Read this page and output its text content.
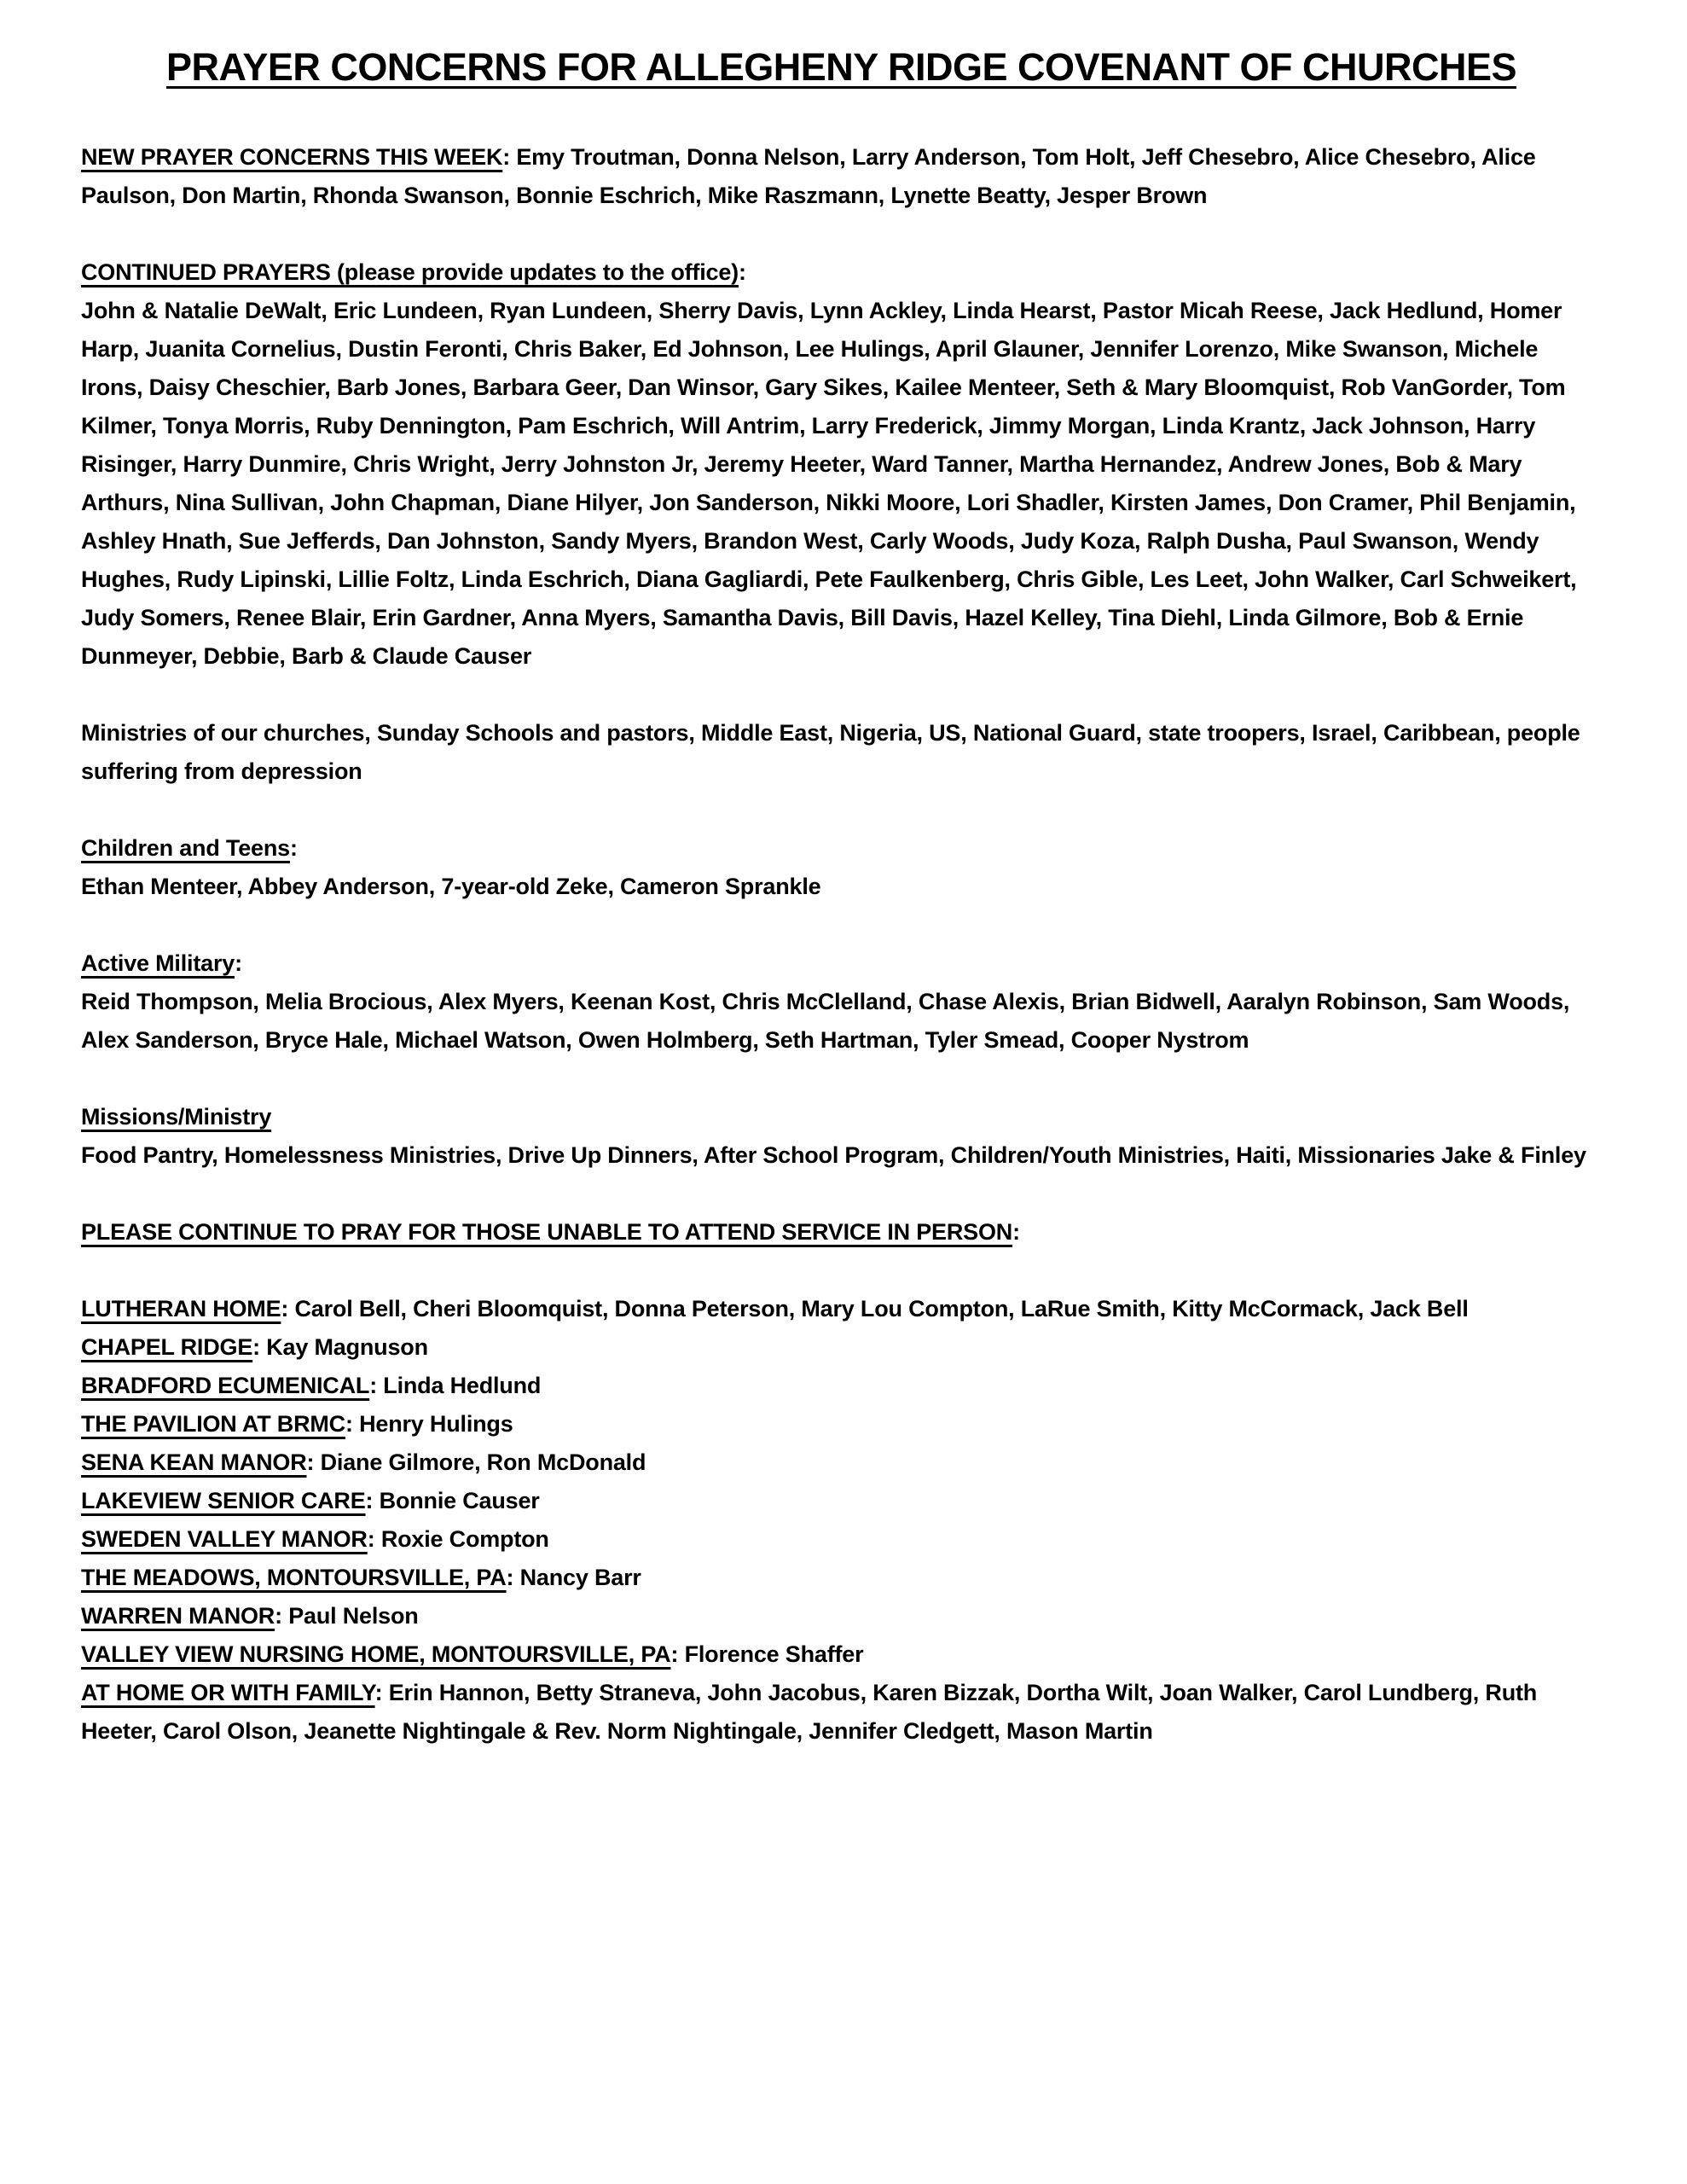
PRAYER CONCERNS FOR ALLEGHENY RIDGE COVENANT OF CHURCHES

NEW PRAYER CONCERNS THIS WEEK: Emy Troutman, Donna Nelson, Larry Anderson, Tom Holt, Jeff Chesebro, Alice Chesebro, Alice Paulson, Don Martin, Rhonda Swanson, Bonnie Eschrich, Mike Raszmann, Lynette Beatty, Jesper Brown

CONTINUED PRAYERS (please provide updates to the office):
John & Natalie DeWalt, Eric Lundeen, Ryan Lundeen, Sherry Davis, Lynn Ackley, Linda Hearst, Pastor Micah Reese, Jack Hedlund, Homer Harp, Juanita Cornelius, Dustin Feronti, Chris Baker, Ed Johnson, Lee Hulings, April Glauner, Jennifer Lorenzo, Mike Swanson, Michele Irons, Daisy Cheschier, Barb Jones, Barbara Geer, Dan Winsor, Gary Sikes, Kailee Menteer, Seth & Mary Bloomquist, Rob VanGorder, Tom Kilmer, Tonya Morris, Ruby Dennington, Pam Eschrich, Will Antrim, Larry Frederick, Jimmy Morgan, Linda Krantz, Jack Johnson, Harry Risinger, Harry Dunmire, Chris Wright, Jerry Johnston Jr, Jeremy Heeter, Ward Tanner, Martha Hernandez, Andrew Jones, Bob & Mary Arthurs, Nina Sullivan, John Chapman, Diane Hilyer, Jon Sanderson, Nikki Moore, Lori Shadler, Kirsten James, Don Cramer, Phil Benjamin, Ashley Hnath, Sue Jefferds, Dan Johnston, Sandy Myers, Brandon West, Carly Woods, Judy Koza, Ralph Dusha, Paul Swanson, Wendy Hughes, Rudy Lipinski, Lillie Foltz, Linda Eschrich, Diana Gagliardi, Pete Faulkenberg, Chris Gible, Les Leet, John Walker, Carl Schweikert, Judy Somers, Renee Blair, Erin Gardner, Anna Myers, Samantha Davis, Bill Davis, Hazel Kelley, Tina Diehl, Linda Gilmore, Bob & Ernie Dunmeyer, Debbie, Barb & Claude Causer

Ministries of our churches, Sunday Schools and pastors, Middle East, Nigeria, US, National Guard, state troopers, Israel, Caribbean, people suffering from depression

Children and Teens:
Ethan Menteer, Abbey Anderson, 7-year-old Zeke, Cameron Sprankle
Active Military:
Reid Thompson, Melia Brocious, Alex Myers, Keenan Kost, Chris McClelland, Chase Alexis, Brian Bidwell, Aaralyn Robinson, Sam Woods, Alex Sanderson, Bryce Hale, Michael Watson, Owen Holmberg, Seth Hartman, Tyler Smead, Cooper Nystrom
Missions/Ministry
Food Pantry, Homelessness Ministries, Drive Up Dinners, After School Program, Children/Youth Ministries, Haiti, Missionaries Jake & Finley
PLEASE CONTINUE TO PRAY FOR THOSE UNABLE TO ATTEND SERVICE IN PERSON:

LUTHERAN HOME: Carol Bell, Cheri Bloomquist, Donna Peterson, Mary Lou Compton, LaRue Smith, Kitty McCormack, Jack Bell

CHAPEL RIDGE: Kay Magnuson

BRADFORD ECUMENICAL: Linda Hedlund

THE PAVILION AT BRMC: Henry Hulings

SENA KEAN MANOR: Diane Gilmore, Ron McDonald

LAKEVIEW SENIOR CARE: Bonnie Causer

SWEDEN VALLEY MANOR: Roxie Compton

THE MEADOWS, MONTOURSVILLE, PA: Nancy Barr

WARREN MANOR: Paul Nelson

VALLEY VIEW NURSING HOME, MONTOURSVILLE, PA: Florence Shaffer

AT HOME OR WITH FAMILY: Erin Hannon, Betty Straneva, John Jacobus, Karen Bizzak, Dortha Wilt, Joan Walker, Carol Lundberg, Ruth Heeter, Carol Olson, Jeanette Nightingale & Rev. Norm Nightingale, Jennifer Cledgett, Mason Martin
